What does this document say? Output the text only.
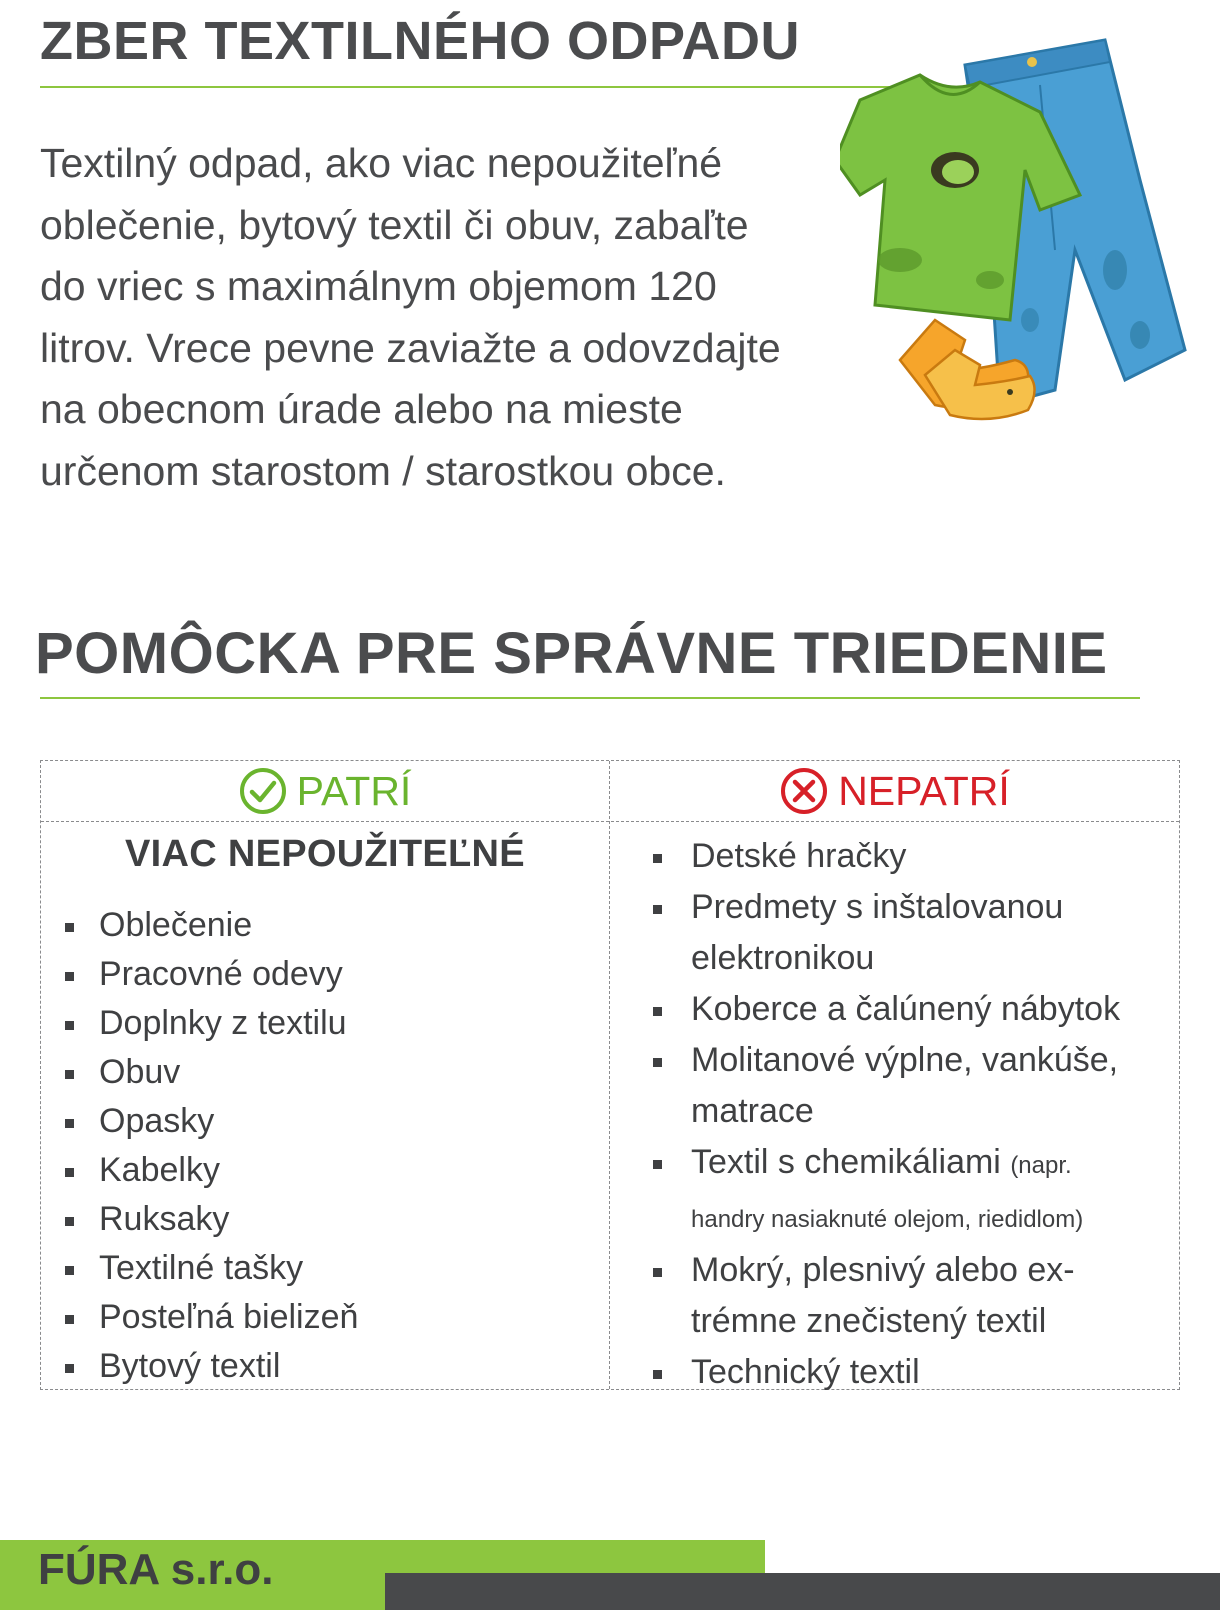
ZBER TEXTILNÉHO ODPADU

Textilný odpad, ako viac nepoužiteľné
oblečenie, bytový textil či obuv, zabaľte
do vriec s maximálnym objemom 120
litrov. Vrece pevne zaviažte a odovzdajte
na obecnom úrade alebo na mieste
určenom starostom / starostkou obce.

POMÔCKA PRE SPRÁVNE TRIEDENIE
PATRÍ	NEPATRÍ
VIAC NEPOUŽITEĽNÉ
Oblečenie
Pracovné odevy
Doplnky z textilu
Obuv
Opasky
Kabelky
Ruksaky
Textilné tašky
Posteľná bielizeň
Bytový textil
Detské hračky
Predmety s inštalovanou
elektronikou
Koberce a čalúnený nábytok
Molitanové výplne, vankúše,
matrace
Textil s chemikáliami (napr.
handry nasiaknuté olejom, riedidlom)
Mokrý, plesnivý alebo ex-
trémne znečistený textil
Technický textil

FÚRA s.r.o.
